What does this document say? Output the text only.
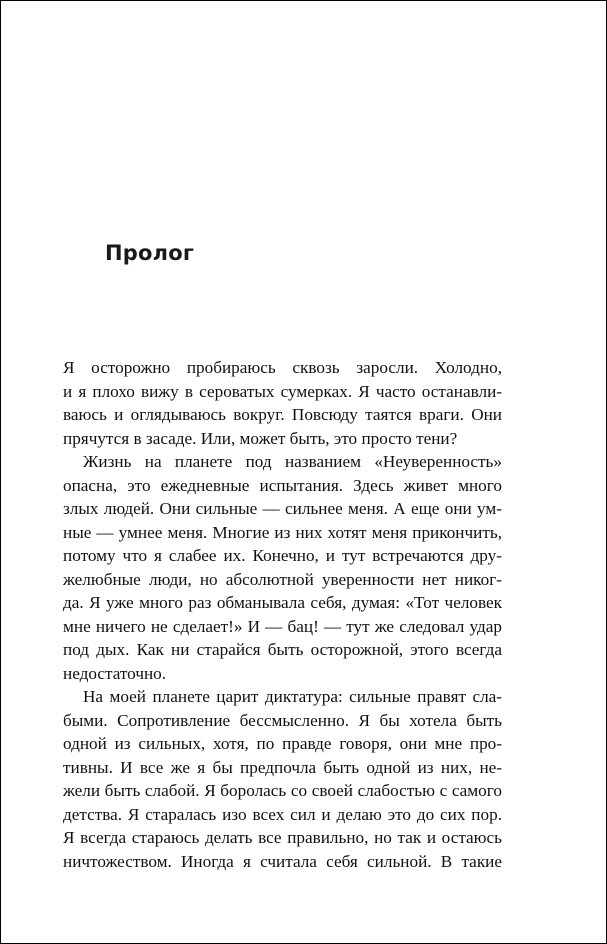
Пролог
Я осторожно пробираюсь сквозь заросли. Холодно,
и я плохо вижу в сероватых сумерках. Я часто останавли-
ваюсь и оглядываюсь вокруг. Повсюду таятся враги. Они
прячутся в засаде. Или, может быть, это просто тени?
Жизнь на планете под названием «Неуверенность»
опасна, это ежедневные испытания. Здесь живет много
злых людей. Они сильные — сильнее меня. А еще они ум-
ные — умнее меня. Многие из них хотят меня прикончить,
потому что я слабее их. Конечно, и тут встречаются дру-
желюбные люди, но абсолютной уверенности нет никог-
да. Я уже много раз обманывала себя, думая: «Тот человек
мне ничего не сделает!» И — бац! — тут же следовал удар
под дых. Как ни старайся быть осторожной, этого всегда
недостаточно.
На моей планете царит диктатура: сильные правят сла-
быми. Сопротивление бессмысленно. Я бы хотела быть
одной из сильных, хотя, по правде говоря, они мне про-
тивны. И все же я бы предпочла быть одной из них, не-
жели быть слабой. Я боролась со своей слабостью с самого
детства. Я старалась изо всех сил и делаю это до сих пор.
Я всегда стараюсь делать все правильно, но так и остаюсь
ничтожеством. Иногда я считала себя сильной. В такие
